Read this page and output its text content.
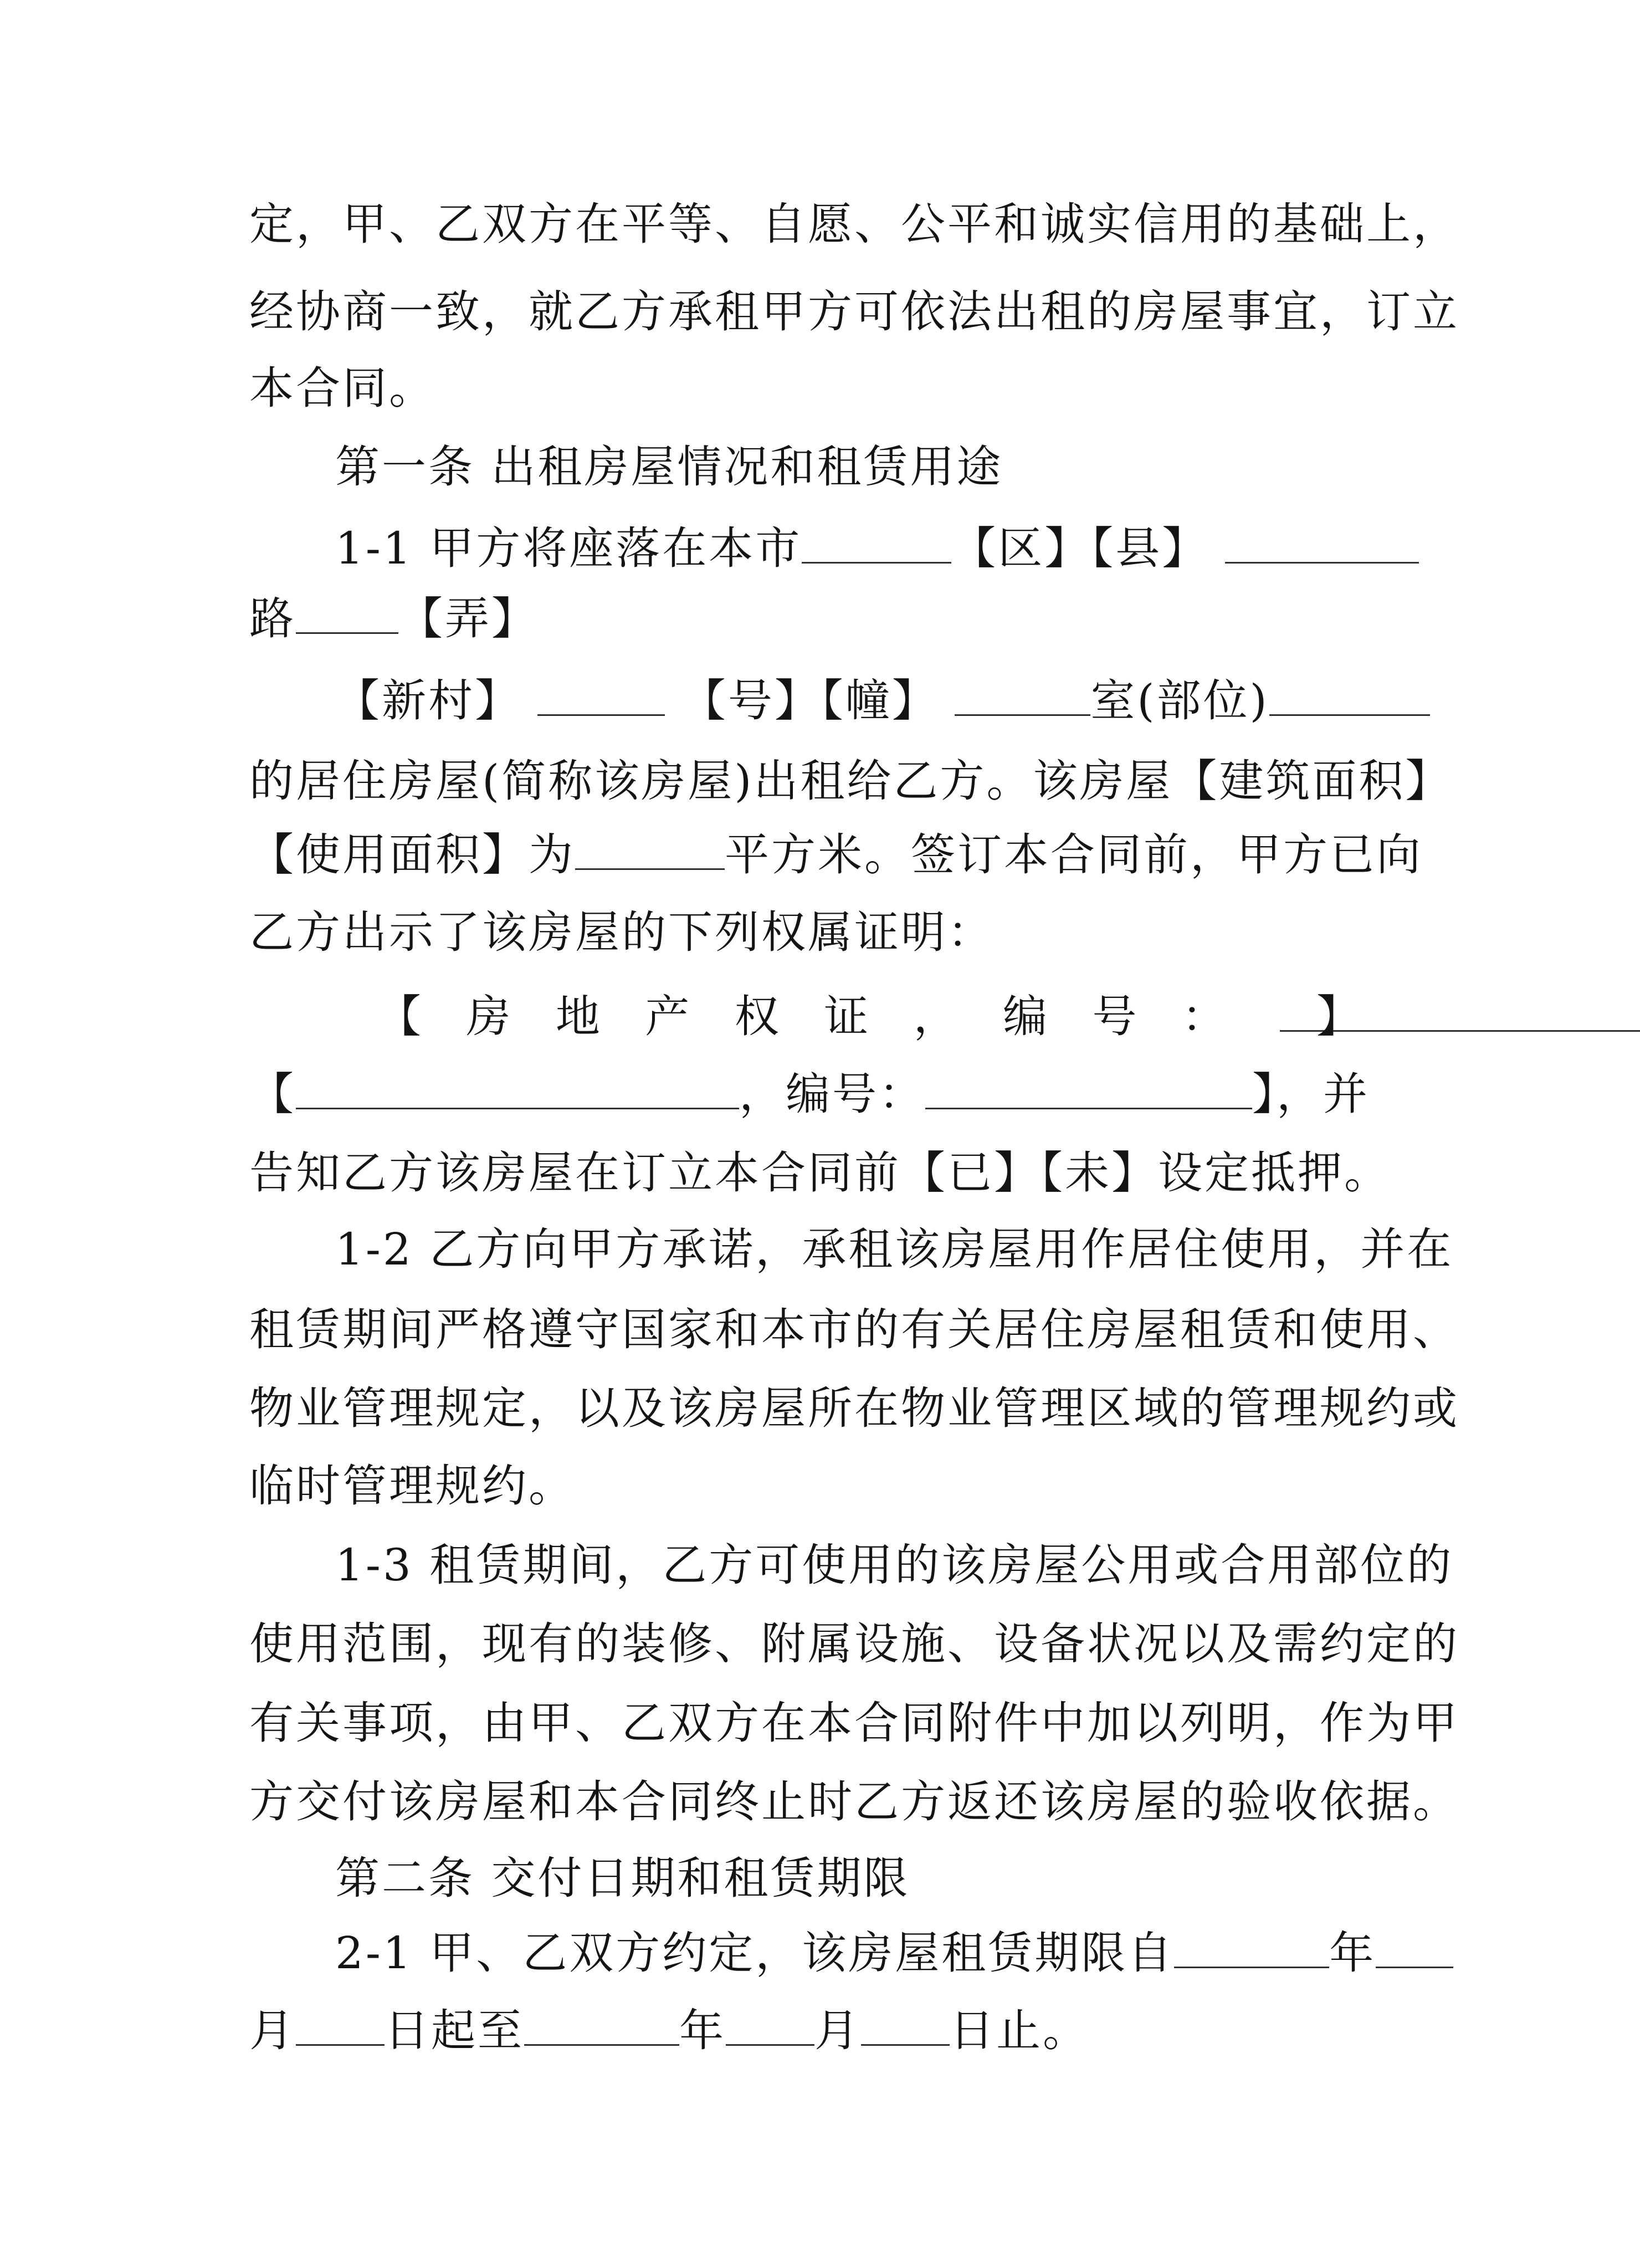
定，甲、乙双方在平等、自愿、公平和诚实信用的基础上，
经协商一致，就乙方承租甲方可依法出租的房屋事宜，订立
本合同。
第一条 出租房屋情况和租赁用途
1-1 甲方将座落在本市	【区】【县】
路 【弄】
【新村】	【号】【幢】	室(部位)
的居住房屋(简称该房屋)出租给乙方。该房屋【建筑面积】
【使用面积】为	平方米。签订本合同前，甲方已向
乙方出示了该房屋的下列权属证明：
【 房 地 产 权 证 ， 编 号 ： 】
【	，编号：	】，并
告知乙方该房屋在订立本合同前【已】【未】设定抵押。
1-2 乙方向甲方承诺，承租该房屋用作居住使用，并在
租赁期间严格遵守国家和本市的有关居住房屋租赁和使用、
物业管理规定，以及该房屋所在物业管理区域的管理规约或
临时管理规约。
1-3 租赁期间，乙方可使用的该房屋公用或合用部位的
使用范围，现有的装修、附属设施、设备状况以及需约定的
有关事项，由甲、乙双方在本合同附件中加以列明，作为甲
方交付该房屋和本合同终止时乙方返还该房屋的验收依据。
第二条 交付日期和租赁期限
2-1 甲、乙双方约定，该房屋租赁期限自	年
月 日起至	年 月 日止。
